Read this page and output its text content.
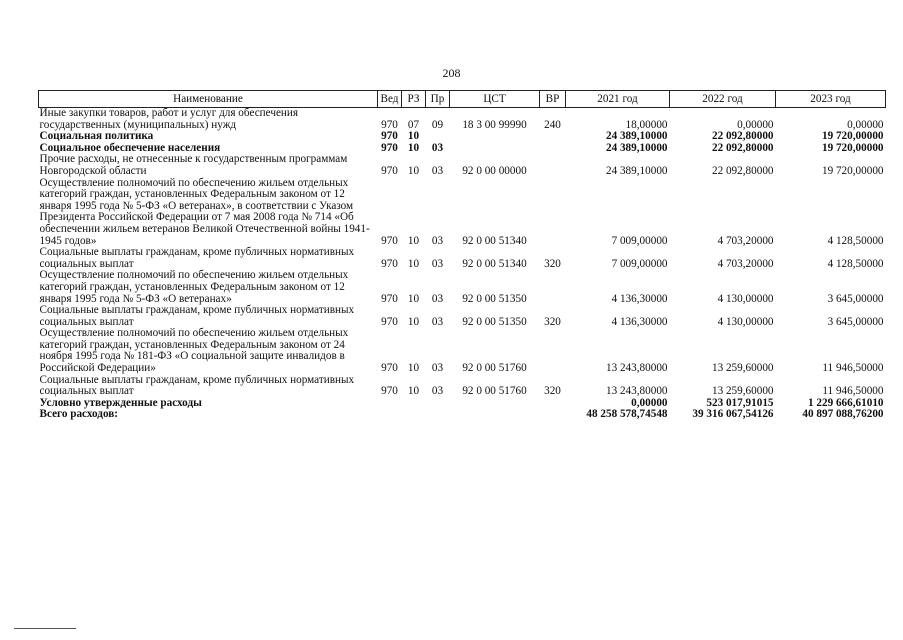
208
Наименование	Вед	РЗ	Пр	ЦСТ	ВР	2021 год	2022 год	2023 год
Иные закупки товаров, работ и услуг для обеспечения государственных (муниципальных) нужд	970	07	09	18 3 00 99990	240	18,00000	0,00000	0,00000
Социальная политика	970	10				24 389,10000	22 092,80000	19 720,00000
Социальное обеспечение населения	970	10	03			24 389,10000	22 092,80000	19 720,00000
Прочие расходы, не отнесенные к государственным программам Новгородской области	970	10	03	92 0 00 00000		24 389,10000	22 092,80000	19 720,00000
Осуществление полномочий по обеспечению жильем отдельных категорий граждан, установленных Федеральным законом от 12 января 1995 года № 5-ФЗ «О ветеранах», в соответствии с Указом Президента Российской Федерации от 7 мая 2008 года № 714 «Об обеспечении жильем ветеранов Великой Отечественной войны 1941-1945 годов»	970	10	03	92 0 00 51340		7 009,00000	4 703,20000	4 128,50000
Социальные выплаты гражданам, кроме публичных нормативных социальных выплат	970	10	03	92 0 00 51340	320	7 009,00000	4 703,20000	4 128,50000
Осуществление полномочий по обеспечению жильем отдельных категорий граждан, установленных Федеральным законом от 12 января 1995 года № 5-ФЗ «О ветеранах»	970	10	03	92 0 00 51350		4 136,30000	4 130,00000	3 645,00000
Социальные выплаты гражданам, кроме публичных нормативных социальных выплат	970	10	03	92 0 00 51350	320	4 136,30000	4 130,00000	3 645,00000
Осуществление полномочий по обеспечению жильем отдельных категорий граждан, установленных Федеральным законом от 24 ноября 1995 года № 181-ФЗ «О социальной защите инвалидов в Российской Федерации»	970	10	03	92 0 00 51760		13 243,80000	13 259,60000	11 946,50000
Социальные выплаты гражданам, кроме публичных нормативных социальных выплат	970	10	03	92 0 00 51760	320	13 243,80000	13 259,60000	11 946,50000
Условно утвержденные расходы						0,00000	523 017,91015	1 229 666,61010
Всего расходов:						48 258 578,74548	39 316 067,54126	40 897 088,76200
